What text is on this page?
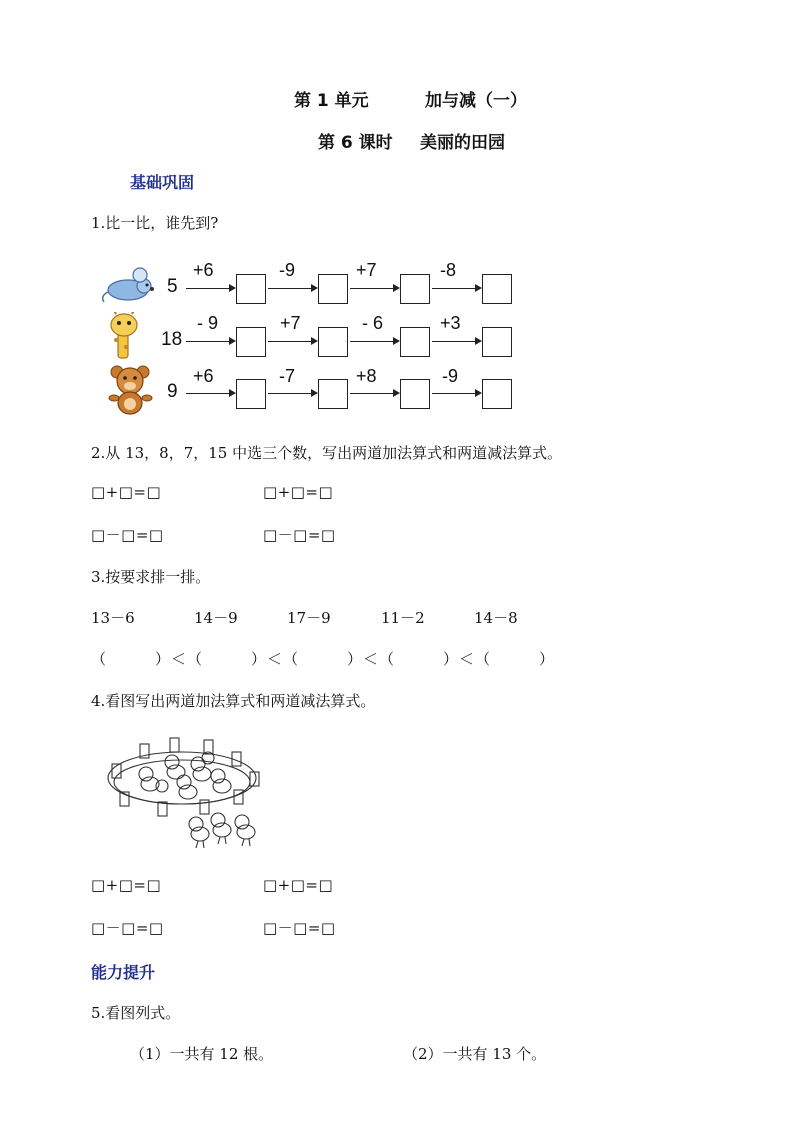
第 1 单元	加与减（一）
第 6 课时 美丽的田园
基础巩固
1.比一比，谁先到?
5
+6	-9	+7	-8
18
- 9	+7	- 6	+3
9
+6	-7	+8	-9
2.从 13，8，7，15 中选三个数，写出两道加法算式和两道减法算式。
□+□=□	□+□=□
□－□=□	□－□=□
3.按要求排一排。
13－6	14－9	17－9	11－2	14－8
（　　　）＜（　　　）＜（　　　）＜（　　　）＜（　　　）
4.看图写出两道加法算式和两道减法算式。
□+□=□	□+□=□
□－□=□	□－□=□
能力提升
5.看图列式。
（1）一共有 12 根。	（2）一共有 13 个。
